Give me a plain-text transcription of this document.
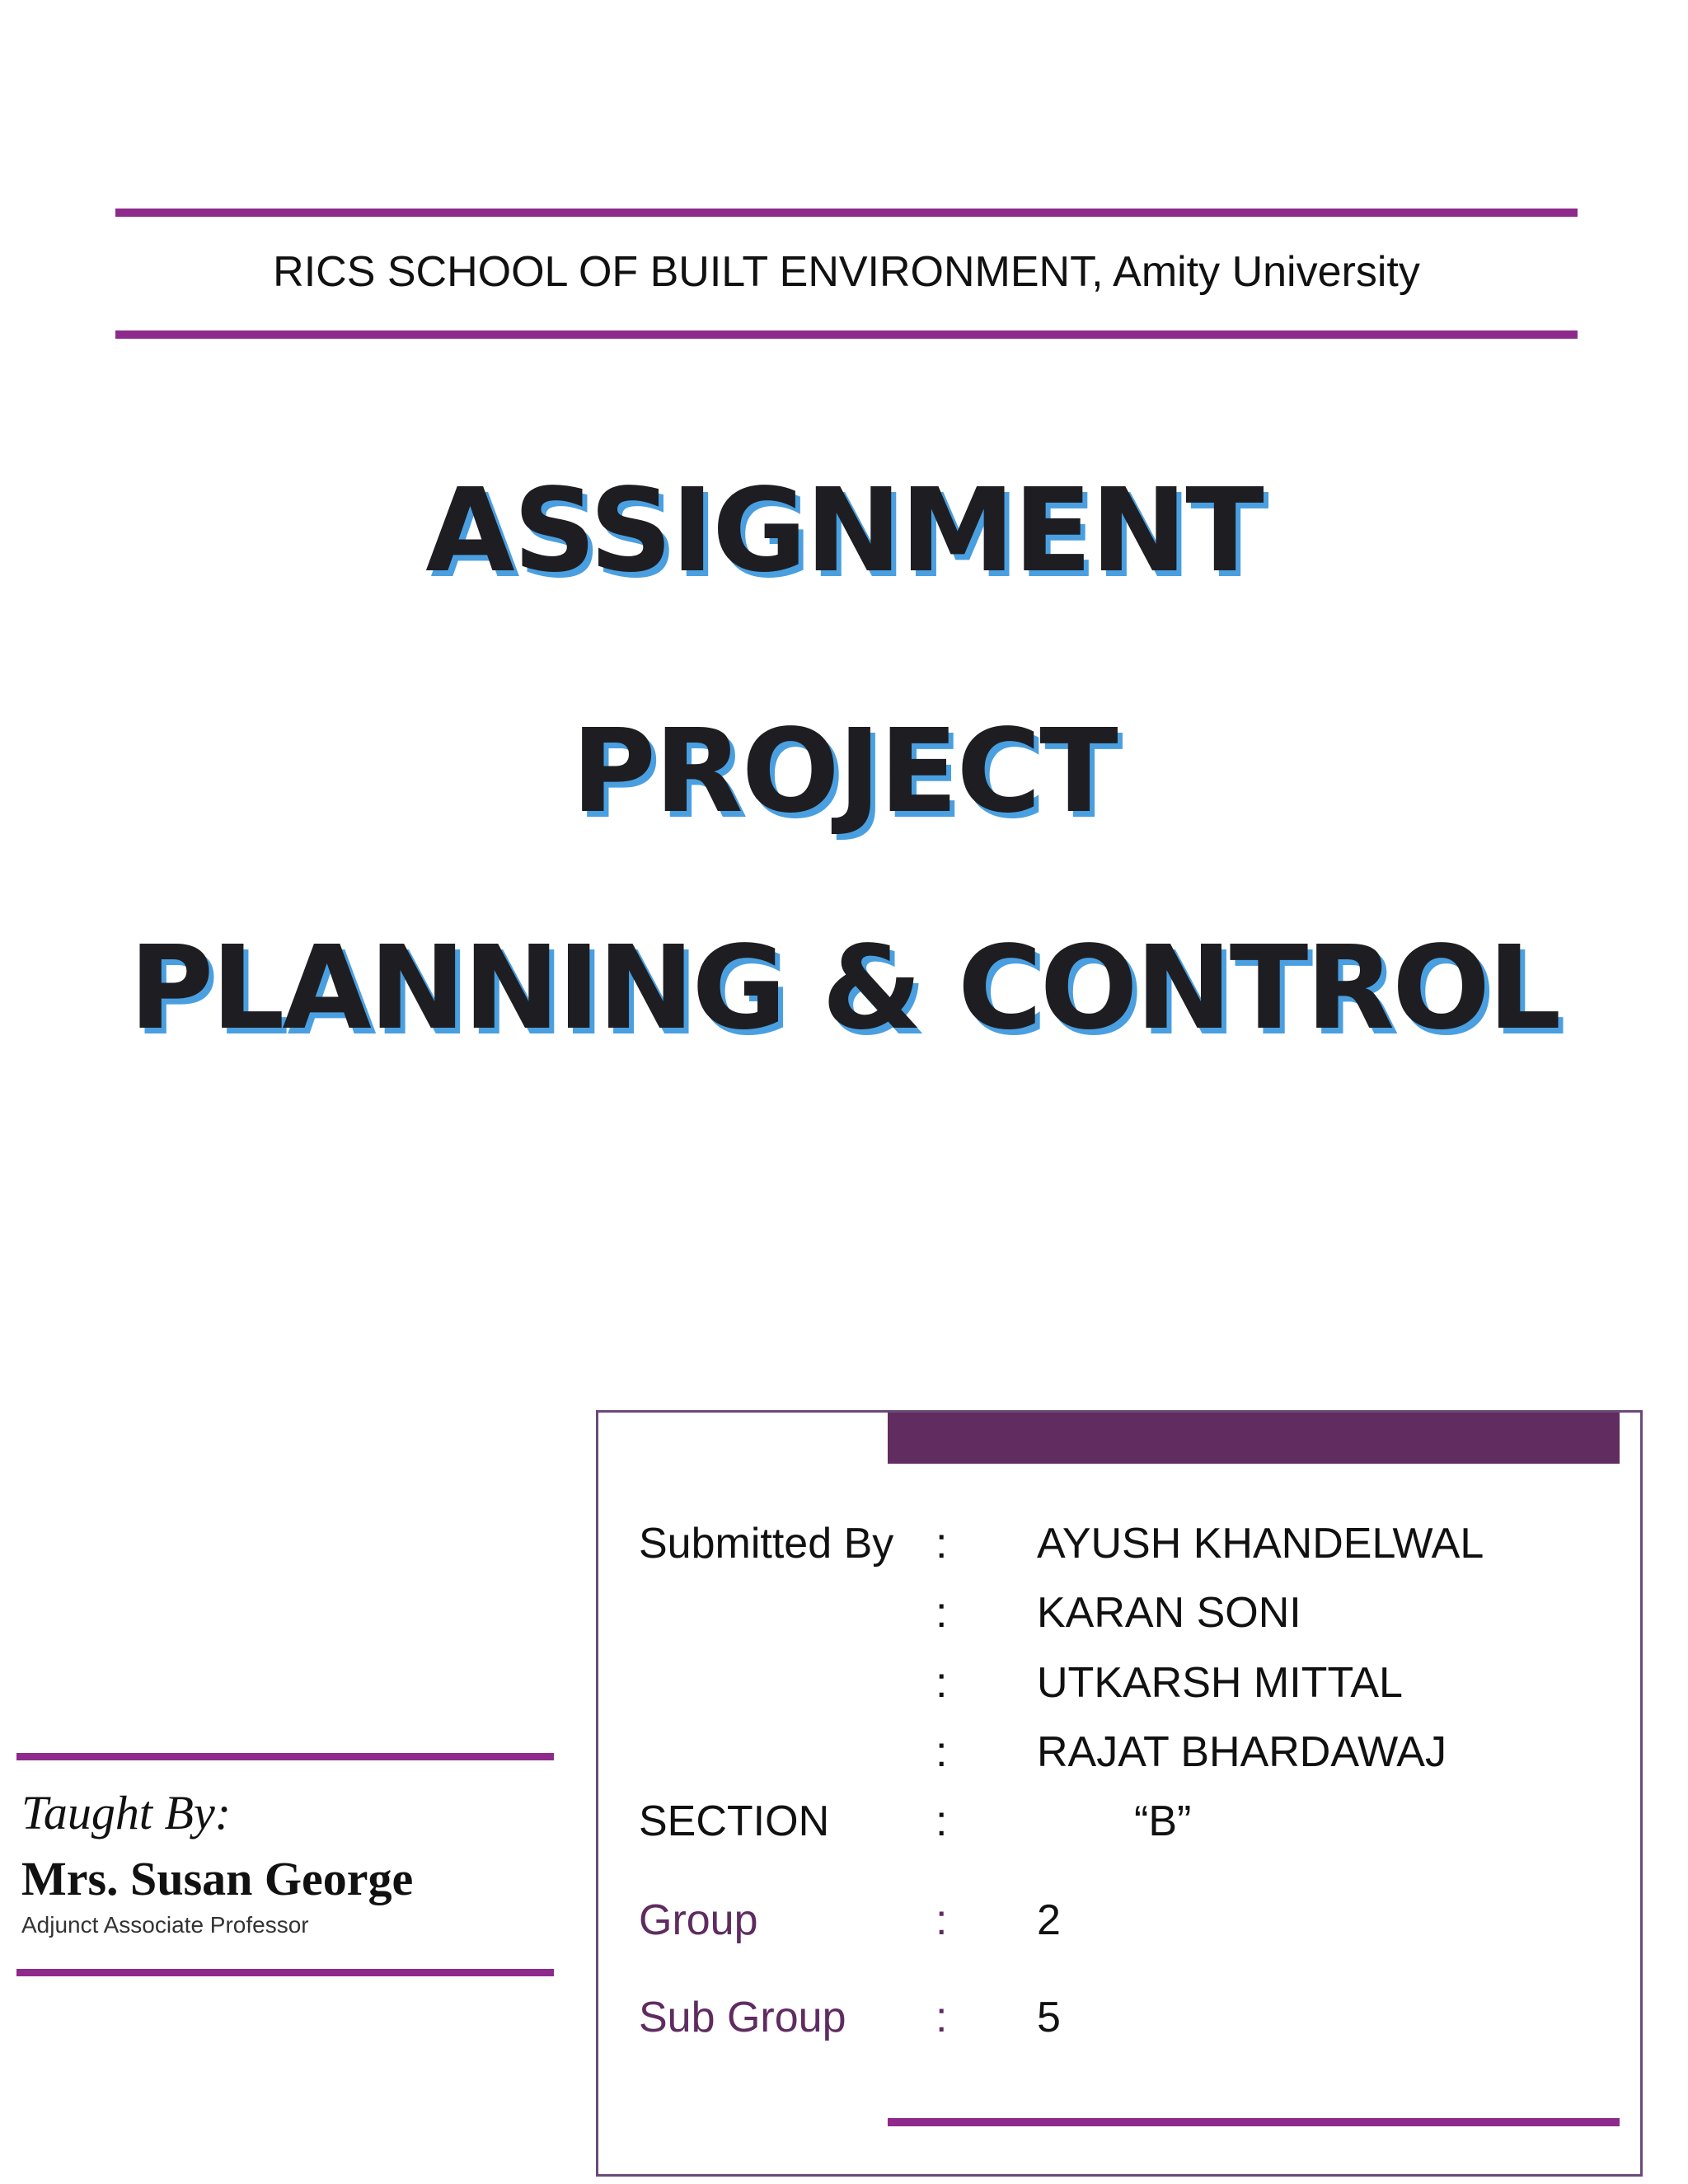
RICS SCHOOL OF BUILT ENVIRONMENT, Amity University
ASSIGNMENT
PROJECT
PLANNING & CONTROL
Taught By:
Mrs. Susan George
Adjunct Associate Professor
Submitted By : AYUSH KHANDELWAL
: KARAN SONI
: UTKARSH MITTAL
: RAJAT BHARDAWAJ
SECTION :	“B”
Group	: 2
Sub Group : 5
